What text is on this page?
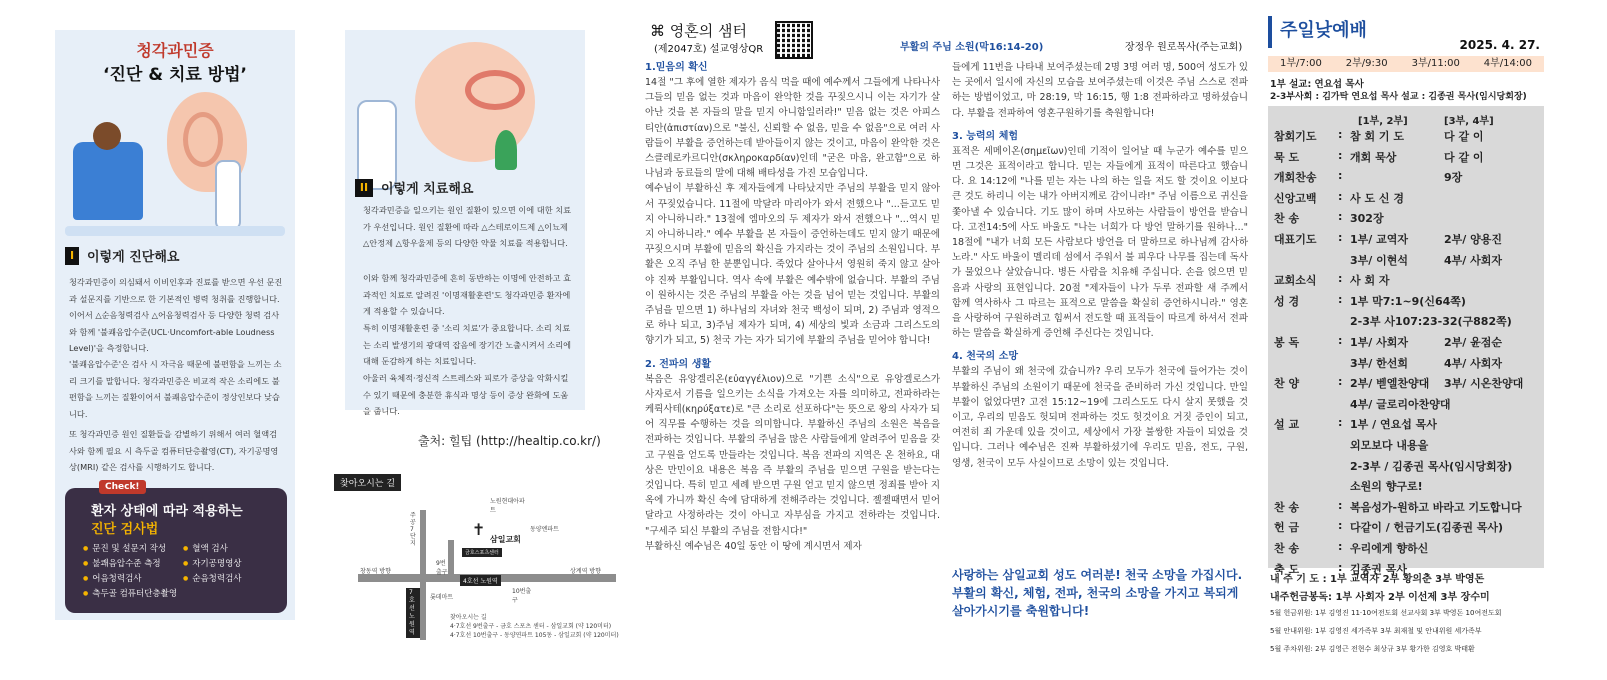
청각과민증
‘진단 & 치료 방법’
I 이렇게 진단해요
청각과민증이 의심돼서 이비인후과 진료를 받으면 우선 문진과 설문지를 기반으로 한 기본적인 병력 청취를 진행합니다. 이어서 △순음청력검사 △어음청력검사 등 다양한 청력 검사와 함께 '불쾌음압수준(UCL·Uncomfort-able Loudness Level)'을 측정합니다.
'불쾌음압수준'은 검사 시 자극음 때문에 불편함을 느끼는 소리 크기를 말합니다. 청각과민증은 비교적 작은 소리에도 불편함을 느끼는 질환이어서 불쾌음압수준이 정상인보다 낮습니다.
또 청각과민증 원인 질환들을 감별하기 위해서 여러 혈액검사와 함께 필요 시 측두골 컴퓨터단층촬영(CT), 자기공명영상(MRI) 같은 검사를 시행하기도 합니다.
Check!
환자 상태에 따라 적용하는
진단 검사법
● 문진 및 설문지 작성	● 혈액 검사
● 불쾌음압수준 측정	● 자기공명영상
● 어음청력검사	● 순음청력검사
● 측두골 컴퓨터단층촬영
II 이렇게 치료해요
청각과민증을 일으키는 원인 질환이 있으면 이에 대한 치료가 우선입니다. 원인 질환에 따라 △스테로이드제 △이뇨제 △안정제 △항우울제 등의 다양한 약물 치료를 적용합니다.
이와 함께 청각과민증에 흔히 동반하는 이명에 안전하고 효과적인 치료로 알려진 '이명재활훈련'도 청각과민증 환자에게 적용할 수 있습니다.
특히 이명재활훈련 중 '소리 치료'가 중요합니다. 소리 치료는 소리 발생기의 광대역 잡음에 장기간 노출시켜서 소리에 대해 둔감하게 하는 치료입니다.
아울러 육체적·정신적 스트레스와 피로가 증상을 악화시킬 수 있기 때문에 충분한 휴식과 명상 등이 증상 완화에 도움을 줍니다.
출처: 힐팁 (http://healtip.co.kr/)
찾아오시는 길
주공7단지
노원현대아파트
동양엔파트
✝
삼일교회
금호스포츠센터
창동역 방향	상계역 방향
9번출구
10번출구
4호선 노원역
7호선 노원역
롯데마트
찾아오시는 길
4·7호선 9번출구 - 금호 스포츠 센터 - 삼일교회 (약 120미터)
4·7호선 10번출구 - 동양연파트 105동 - 삼일교회 (약 120미터)
⌘ 영혼의 샘터
(제2047호) 설교영상QR	부활의 주님 소원(막16:14-20)	장정우 원로목사(주는교회)
1.믿음의 확신

14절 "그 후에 열한 제자가 음식 먹을 때에 예수께서 그들에게 나타나사 그들의 믿음 없는 것과 마음이 완악한 것을 꾸짖으시니 이는 자기가 살아난 것을 본 자들의 말을 믿지 아니함일러라!" 믿음 없는 것은 아피스티안(ἀπιστίαν)으로 "불신, 신뢰할 수 없음, 믿을 수 없음"으로 여러 사람들이 부활을 증언하는데 받아들이지 않는 것이고, 마음이 완악한 것은 스클레로카르디안(σκληροκαρδίαν)인데 "굳은 마음, 완고함"으로 하나님과 동료들의 말에 대해 배타성을 가진 모습입니다.

예수님이 부활하신 후 제자들에게 나타났지만 주님의 부활을 믿지 않아서 꾸짖었습니다. 11절에 막달라 마리아가 와서 전했으나 "...듣고도 믿지 아니하니라." 13절에 엠마오의 두 제자가 와서 전했으나 "...역시 믿지 아니하니라." 예수 부활을 본 자들이 증언하는데도 믿지 않기 때문에 꾸짖으시며 부활에 믿음의 확신을 가지라는 것이 주님의 소원입니다. 부활은 오직 주님 한 분뿐입니다. 죽었다 살아나서 영원히 죽지 않고 살아야 진짜 부활입니다. 역사 속에 부활은 예수밖에 없습니다. 부활의 주님이 원하시는 것은 주님의 부활을 아는 것을 넘어 믿는 것입니다. 부활의 주님을 믿으면 1) 하나님의 자녀와 천국 백성이 되며, 2) 주님과 영적으로 하나 되고, 3)주님 제자가 되며, 4) 세상의 빛과 소금과 그리스도의 향기가 되고, 5) 천국 가는 자가 되기에 부활의 주님을 믿어야 합니다!

2. 전파의 생활

복음은 유앙겔리온(εὐαγγέλιον)으로 "기쁜 소식"으로 유앙겔로스가 사자로서 기름을 일으키는 소식을 가져오는 자를 의미하고, 전파하라는 케뤽사테(κηρύξατε)로 "큰 소리로 선포하다"는 뜻으로 왕의 사자가 되어 직무를 수행하는 것을 의미합니다. 부활하신 주님의 소원은 복음을 전파하는 것입니다. 부활의 주님을 많은 사람들에게 알려주어 믿음을 갖고 구원을 얻도록 만들라는 것입니다. 복음 전파의 지역은 온 천하요, 대상은 만민이요 내용은 복음 즉 부활의 주님을 믿으면 구원을 받는다는 것입니다. 특히 믿고 세례 받으면 구원 얻고 믿지 않으면 정죄를 받아 지옥에 가니까 확신 속에 담대하게 전해주라는 것입니다. 젤젤때면서 믿어 달라고 사정하라는 것이 아니고 자부심을 가지고 전하라는 것입니다. "구세주 되신 부활의 주님을 전합시다!"

부활하신 예수님은 40일 동안 이 땅에 계시면서 제자

들에게 11번을 나타내 보여주셨는데 2명 3명 여러 명, 500여 성도가 있는 곳에서 일시에 자신의 모습을 보여주셨는데 이것은 주님 스스로 전파하는 방법이었고, 마 28:19, 막 16:15, 행 1:8 전파하라고 명하셨습니다. 부활을 전파하여 영혼구원하기를 축원합니다!

3. 능력의 체험

표적은 세메이온(σημεῖων)인데 기적이 일어날 때 누군가 예수를 믿으면 그것은 표적이라고 합니다. 믿는 자들에게 표적이 따른다고 했습니다. 요 14:12에 "나를 믿는 자는 나의 하는 일을 저도 할 것이요 이보다 큰 것도 하리니 이는 내가 아버지께로 감이니라!" 주님 이름으로 귀신을 쫓아낼 수 있습니다. 기도 많이 하며 사모하는 사람들이 방언을 받습니다. 고전14:5에 사도 바울도 "나는 너희가 다 방언 말하기를 원하나..." 18절에 "내가 너희 모든 사람보다 방언을 더 말하므로 하나님께 감사하노라." 사도 바울이 멜리데 섬에서 주워서 불 피우다 나무를 집는데 독사가 물었으나 살았습니다. 병든 사람을 치유해 주십니다. 손을 얹으면 믿음과 사랑의 표현입니다. 20절 "제자들이 나가 두루 전파할 새 주께서 함께 역사하사 그 따르는 표적으로 말씀을 확실히 증언하시니라." 영혼을 사랑하여 구원하려고 힘써서 전도할 때 표적들이 따르게 하셔서 전파하는 말씀을 확실하게 증언해 주신다는 것입니다.

4. 천국의 소망

부활의 주님이 왜 천국에 갔습니까? 우리 모두가 천국에 들어가는 것이 부활하신 주님의 소원이기 때문에 천국을 준비하러 가신 것입니다. 만일 부활이 없었다면? 고전 15:12~19에 그리스도도 다시 살지 못했을 것이고, 우리의 믿음도 헛되며 전파하는 것도 헛것이요 거짓 증인이 되고, 여전히 죄 가운데 있을 것이고, 세상에서 가장 불쌍한 자들이 되었을 것입니다. 그러나 예수님은 진짜 부활하셨기에 우리도 믿음, 전도, 구원, 영생, 천국이 모두 사실이므로 소망이 있는 것입니다.

사랑하는 삼일교회 성도 여러분! 천국 소망을 가집시다. 부활의 확신, 체험, 전파, 천국의 소망을 가지고 복되게 살아가시기를 축원합니다!
주일낮예배
2025. 4. 27.
1부/7:00 2부/9:30 3부/11:00 4부/14:00
1부 설교: 연요섭 목사
2-3부사회 : 김가탁 연요섭 목사 설교 : 김종권 목사(임시당회장)
[1부, 2부]	[3부, 4부]
참회기도 : 참 회 기 도	다 같 이
묵 도	: 개회 묵상	다 같 이
개회찬송 :	9장
신앙고백 : 사 도 신 경
찬 송	: 302장
대표기도 : 1부/ 교역자	2부/ 양용진
3부/ 이현석	4부/ 사회자
교회소식 : 사 회 자
성 경	: 1부 막7:1~9(신64쪽)
2-3부 사107:23-32(구882쪽)
봉 독	: 1부/ 사회자	2부/ 윤점순
3부/ 한선희	4부/ 사회자
찬 양	: 2부/ 벧엘찬양대 3부/ 시온찬양대
4부/ 글로리아찬양대
설 교	: 1부 / 연요섭 목사
외모보다 내용을
2-3부 / 김종권 목사(임시당회장)
소원의 향구로!
찬 송	: 복음성가-원하고 바라고 기도합니다
헌 금	: 다같이 / 헌금기도(김종권 목사)
찬 송	: 우리에게 향하신
축 도	: 김종권 목사
내 주 기 도 : 1부 교역자 2부 황의춘 3부 박영돈
내주헌금봉독: 1부 사회자 2부 이선제 3부 장수미
5월 헌금위원: 1부 김영진 11·10여전도회 선교사회 3부 박영돈 10여전도회
5월 안내위원: 1부 김영진 세가족부 3부 최재철 및 안내위원 세가족부
5월 주차위원: 2부 김영근 전현수 최상규 3부 황가한 김영호 박태환
